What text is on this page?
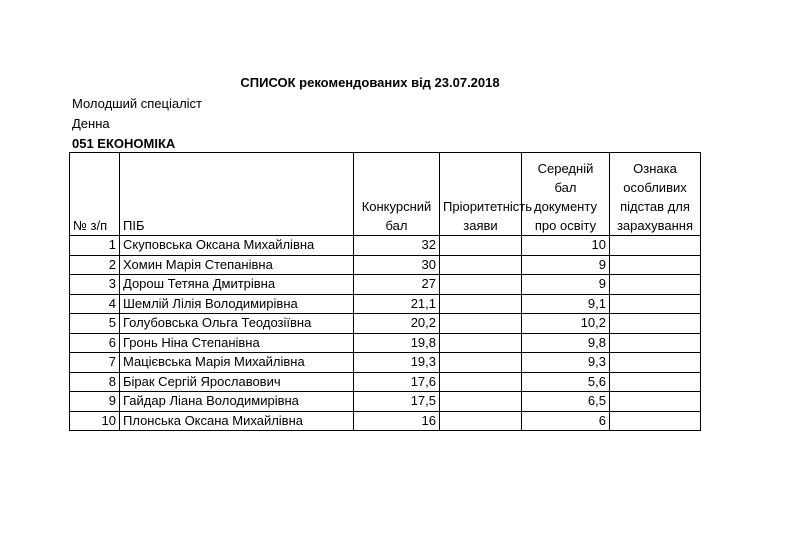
СПИСОК рекомендованих від 23.07.2018
Молодший спеціаліст
Денна
051 ЕКОНОМІКА
№ з/п	ПІБ	Конкурсний бал	Пріоритетність заяви	Середній бал документу про освіту	Ознака особливих підстав для зарахування
1	Скуповська Оксана Михайлівна	32		10	
2	Хомин Марія Степанівна	30		9	
3	Дорош Тетяна Дмитрівна	27		9	
4	Шемлій Лілія Володимирівна	21,1		9,1	
5	Голубовська Ольга Теодозіївна	20,2		10,2	
6	Гронь Ніна Степанівна	19,8		9,8	
7	Мацієвська Марія Михайлівна	19,3		9,3	
8	Бірак Сергій Ярославович	17,6		5,6	
9	Гайдар Ліана Володимирівна	17,5		6,5	
10	Плонська Оксана Михайлівна	16		6	
